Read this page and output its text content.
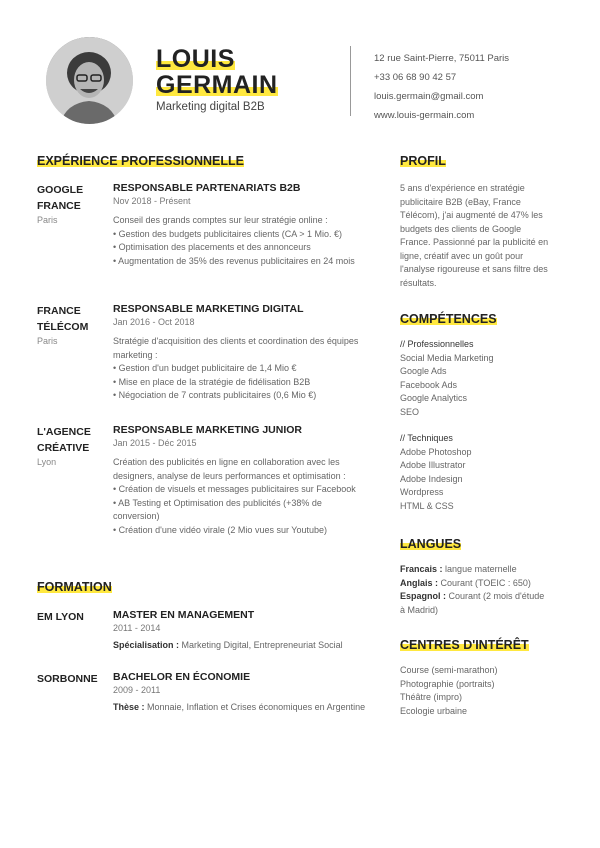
LOUIS
GERMAIN
Marketing digital B2B
12 rue Saint-Pierre, 75011 Paris
+33 06 68 90 42 57
louis.germain@gmail.com
www.louis-germain.com
EXPÉRIENCE PROFESSIONNELLE
GOOGLE
FRANCE
Paris
RESPONSABLE PARTENARIATS B2B
Nov 2018 - Présent
Conseil des grands comptes sur leur stratégie online :
• Gestion des budgets publicitaires clients (CA > 1 Mio. €)
• Optimisation des placements et des annonceurs
• Augmentation de 35% des revenus publicitaires en 24 mois
FRANCE
TÉLÉCOM
Paris
RESPONSABLE MARKETING DIGITAL
Jan 2016 - Oct 2018
Stratégie d'acquisition des clients et coordination des équipes marketing :
• Gestion d'un budget publicitaire de 1,4 Mio €
• Mise en place de la stratégie de fidélisation B2B
• Négociation de 7 contrats publicitaires (0,6 Mio €)
L'AGENCE
CRÉATIVE
Lyon
RESPONSABLE MARKETING JUNIOR
Jan 2015 - Déc 2015
Création des publicités en ligne en collaboration avec les designers, analyse de leurs performances et optimisation :
• Création de visuels et messages publicitaires sur Facebook
• AB Testing et Optimisation des publicités (+38% de conversion)
• Création d'une vidéo virale (2 Mio vues sur Youtube)
FORMATION
EM LYON	MASTER EN MANAGEMENT
2011 - 2014
Spécialisation : Marketing Digital, Entrepreneuriat Social
SORBONNE	BACHELOR EN ÉCONOMIE
2009 - 2011
Thèse : Monnaie, Inflation et Crises économiques en Argentine
PROFIL
5 ans d'expérience en stratégie publicitaire B2B (eBay, France Télécom), j'ai augmenté de 47% les budgets des clients de Google France. Passionné par la publicité en ligne, créatif avec un goût pour l'analyse rigoureuse et sans filtre des résultats.
COMPÉTENCES
// Professionnelles
Social Media Marketing
Google Ads
Facebook Ads
Google Analytics
SEO
// Techniques
Adobe Photoshop
Adobe Illustrator
Adobe Indesign
Wordpress
HTML & CSS
LANGUES
Francais : langue maternelle
Anglais : Courant (TOEIC : 650)
Espagnol : Courant (2 mois d'étude à Madrid)
CENTRES D'INTÉRÊT
Course (semi-marathon)
Photographie (portraits)
Théâtre (impro)
Ecologie urbaine
